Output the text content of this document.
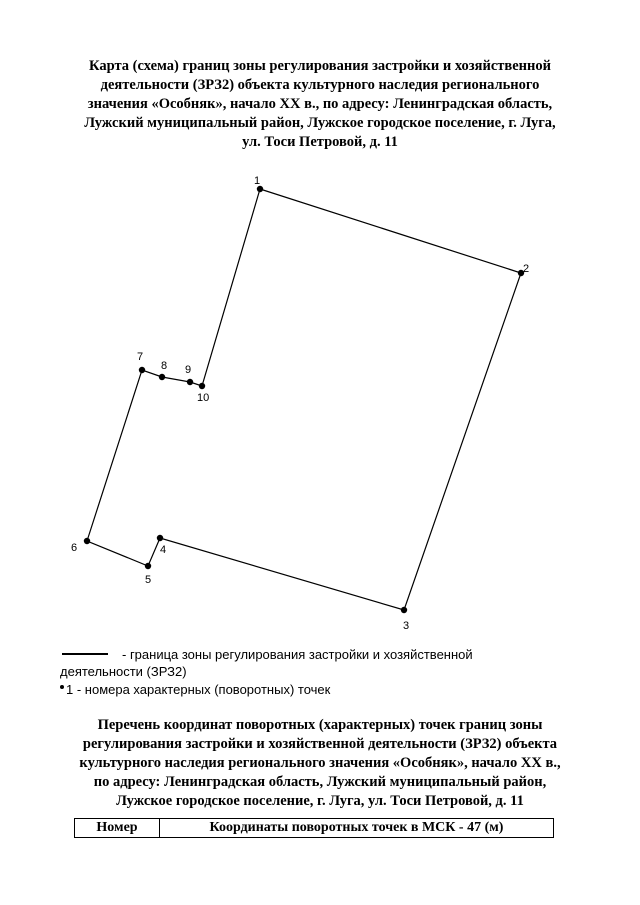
Карта (схема) границ зоны регулирования застройки и хозяйственной
деятельности (ЗРЗ2) объекта культурного наследия регионального
значения «Особняк», начало XX в., по адресу: Ленинградская область,
Лужский муниципальный район, Лужское городское поселение, г. Луга,
ул. Тоси Петровой, д. 11
1
2
3
4
5
6
7
8 9
10
- граница зоны регулирования застройки и хозяйственной
деятельности (ЗРЗ2)
1 - номера характерных (поворотных) точек
Перечень координат поворотных (характерных) точек границ зоны
регулирования застройки и хозяйственной деятельности (ЗРЗ2) объекта
культурного наследия регионального значения «Особняк», начало XX в.,
по адресу: Ленинградская область, Лужский муниципальный район,
Лужское городское поселение, г. Луга, ул. Тоси Петровой, д. 11
Номер	Координаты поворотных точек в МСК - 47 (м)
